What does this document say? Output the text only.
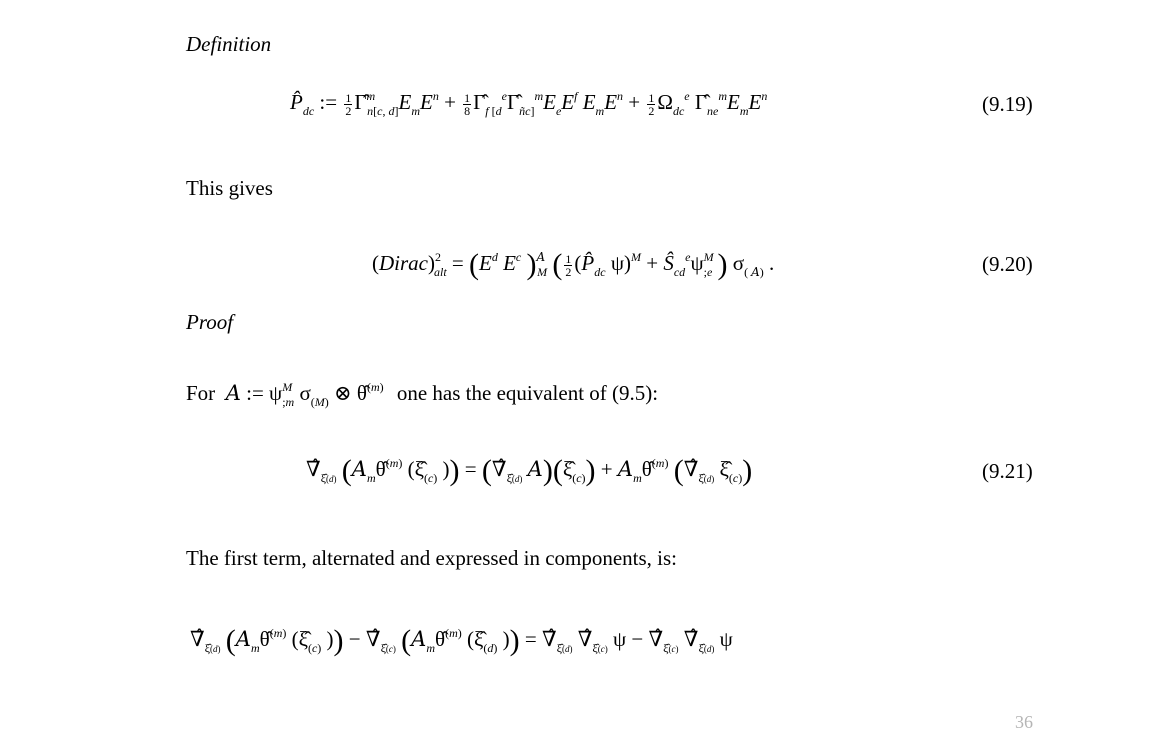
Definition
$P̂_{dc}$ := $\frac{1}{2}$ $\Gammâ^m_{n[c, d]}E_mE^n + \frac{1}{8}$ $\Gammâ_{f [d}^e\Gammâ_{ñc]}^mE_eE^f$ $E_mE^n + \frac{1}{2} \Omega_{dc}^e$ $\Gammâ_{ne}^mE_mE^n$	(9.19)
This gives
(Dirac)$^2_{alt}$ = ($E^d$ $E^c$ )$^A_M$ ( $\frac{1}{2}$ ($P̂_{dc}$ $\psi)^M + Ŝ_{cd}^e\psi^M_{;e}$ ) $\sigma_{( A)}$ .	(9.20)
Proof
For A := $\psi^M_{;m}$ $\sigma_{(M)}$ ⊗ θ̂$^{(m)}$ one has the equivalent of (9.5):
$\nablâ_{\xî(d)}$ ($A_m\thetâ^{(m)}$ ($\xî_{(c)}$ )) = ($\nablâ_{\xî(d)}$ $A)(\xî_{(c)})$ + $A_m\thetâ^{(m)}$ ($\nablâ_{\xî(d)}$ $\xî_{(c)}$)	(9.21)
The first term, alternated and expressed in components, is:
$\nablâ_{\xî(d)}$ ($A_m\thetâ^{(m)}$ ($\xî_{(c)}$ )) − $\nablâ_{\xî(c)}$ ($A_m\thetâ^{(m)}$ ($\xî_{(d)}$ )) = $\nablâ_{\xî(d)}$ $\nablâ_{\xî(c)}$ $\psi - \nablâ_{\xî(c)}$ $\nablâ_{\xî(d)}$ ψ
36
